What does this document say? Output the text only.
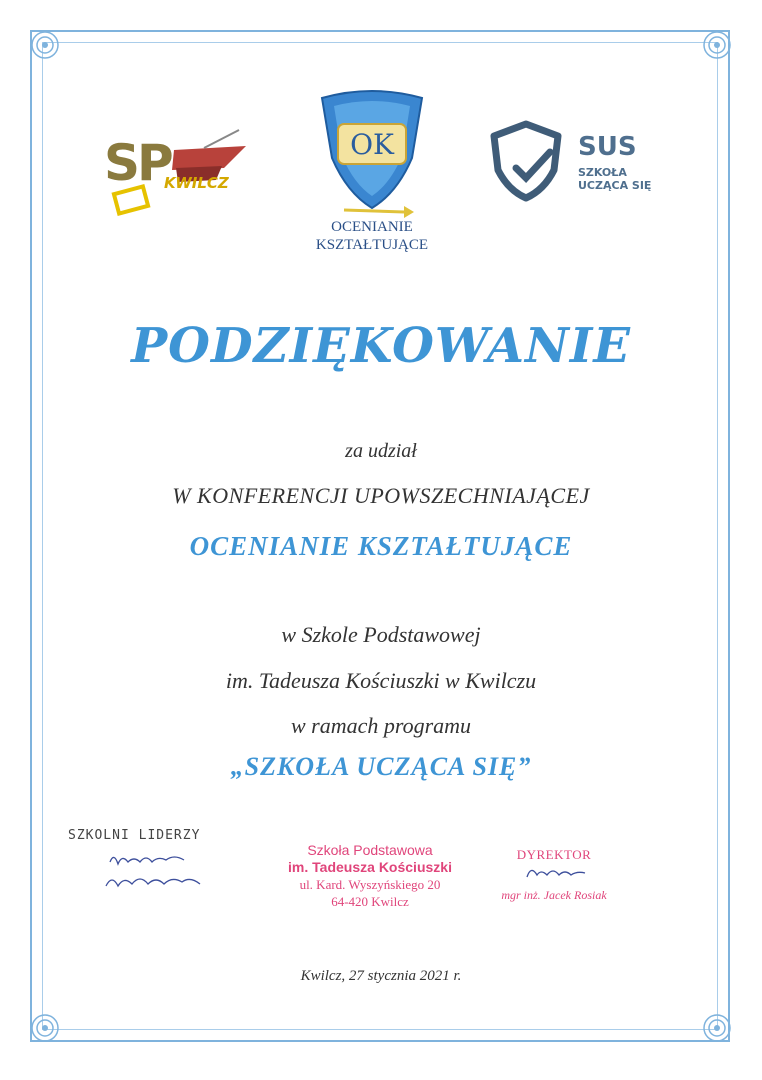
SP
KWILCZ
OK
OCENIANIE
KSZTAŁTUJĄCE
SUS
SZKOŁA
UCZĄCA SIĘ
PODZIĘKOWANIE
za udział
W KONFERENCJI UPOWSZECHNIAJĄCEJ
OCENIANIE KSZTAŁTUJĄCE
w Szkole Podstawowej
im. Tadeusza Kościuszki w Kwilczu
w ramach programu
„SZKOŁA UCZĄCA SIĘ”
SZKOLNI LIDERZY
Szkoła Podstawowa
im. Tadeusza Kościuszki
ul. Kard. Wyszyńskiego 20
64-420 Kwilcz
DYREKTOR
mgr inż. Jacek Rosiak
Kwilcz, 27 stycznia 2021 r.
